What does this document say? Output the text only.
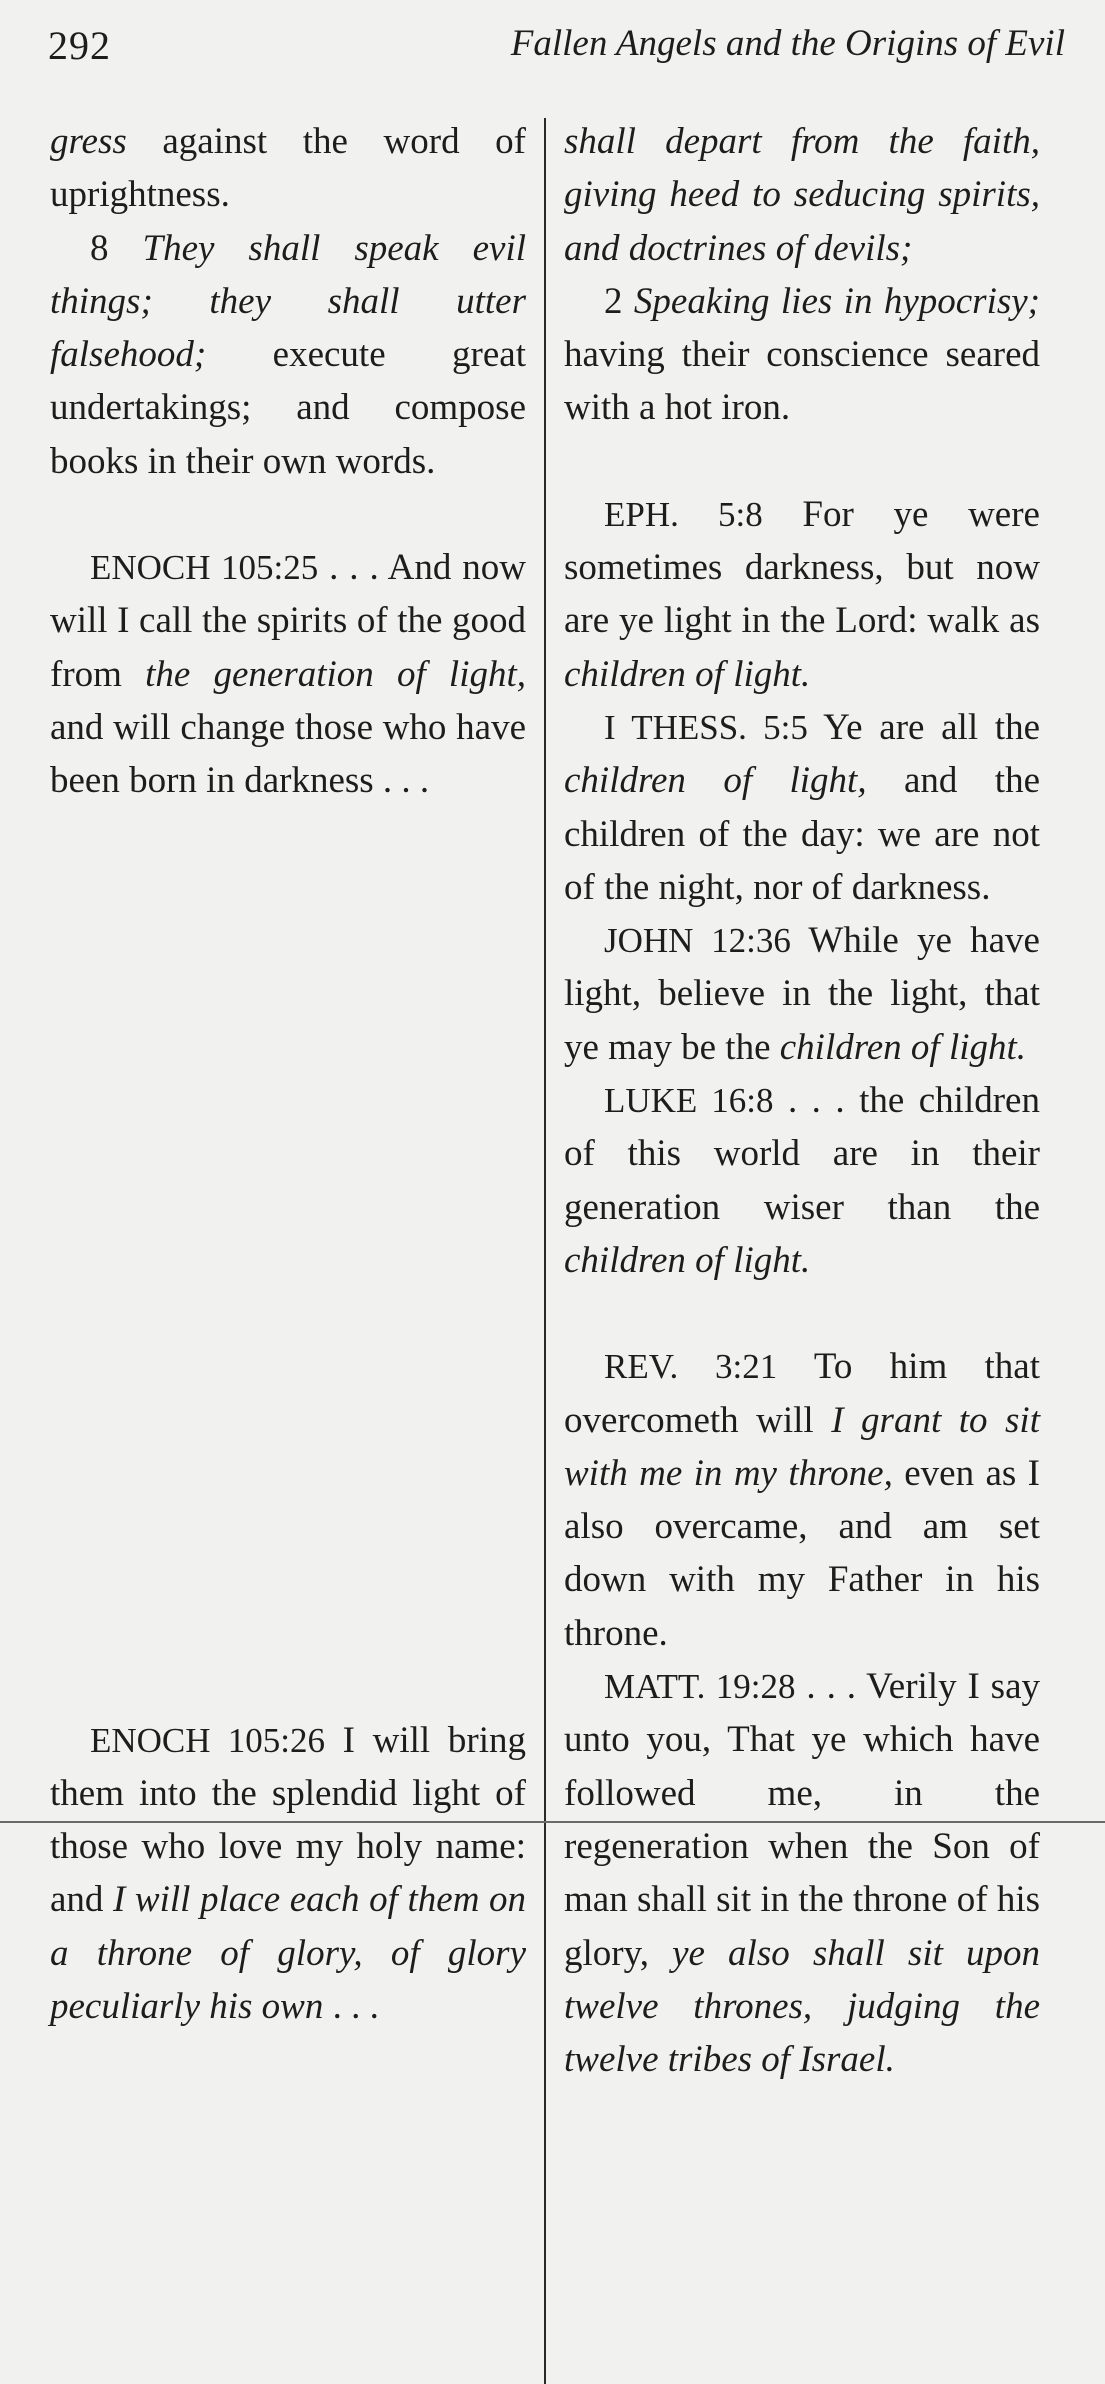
292	Fallen Angels and the Origins of Evil

gress against the word of uprightness.

8 They shall speak evil things; they shall utter falsehood; execute great undertakings; and compose books in their own words.

ENOCH 105:25 . . . And now will I call the spirits of the good from the generation of light, and will change those who have been born in darkness . . .

ENOCH 105:26 I will bring them into the splendid light of those who love my holy name: and I will place each of them on a throne of glory, of glory peculiarly his own . . .

shall depart from the faith, giving heed to seducing spirits, and doctrines of devils;

2 Speaking lies in hypocrisy; having their conscience seared with a hot iron.

EPH. 5:8 For ye were sometimes darkness, but now are ye light in the Lord: walk as children of light.

I THESS. 5:5 Ye are all the children of light, and the children of the day: we are not of the night, nor of darkness.

JOHN 12:36 While ye have light, believe in the light, that ye may be the children of light.

LUKE 16:8 . . . the children of this world are in their generation wiser than the children of light.

REV. 3:21 To him that overcometh will I grant to sit with me in my throne, even as I also overcame, and am set down with my Father in his throne.

MATT. 19:28 . . . Verily I say unto you, That ye which have followed me, in the regeneration when the Son of man shall sit in the throne of his glory, ye also shall sit upon twelve thrones, judging the twelve tribes of Israel.
